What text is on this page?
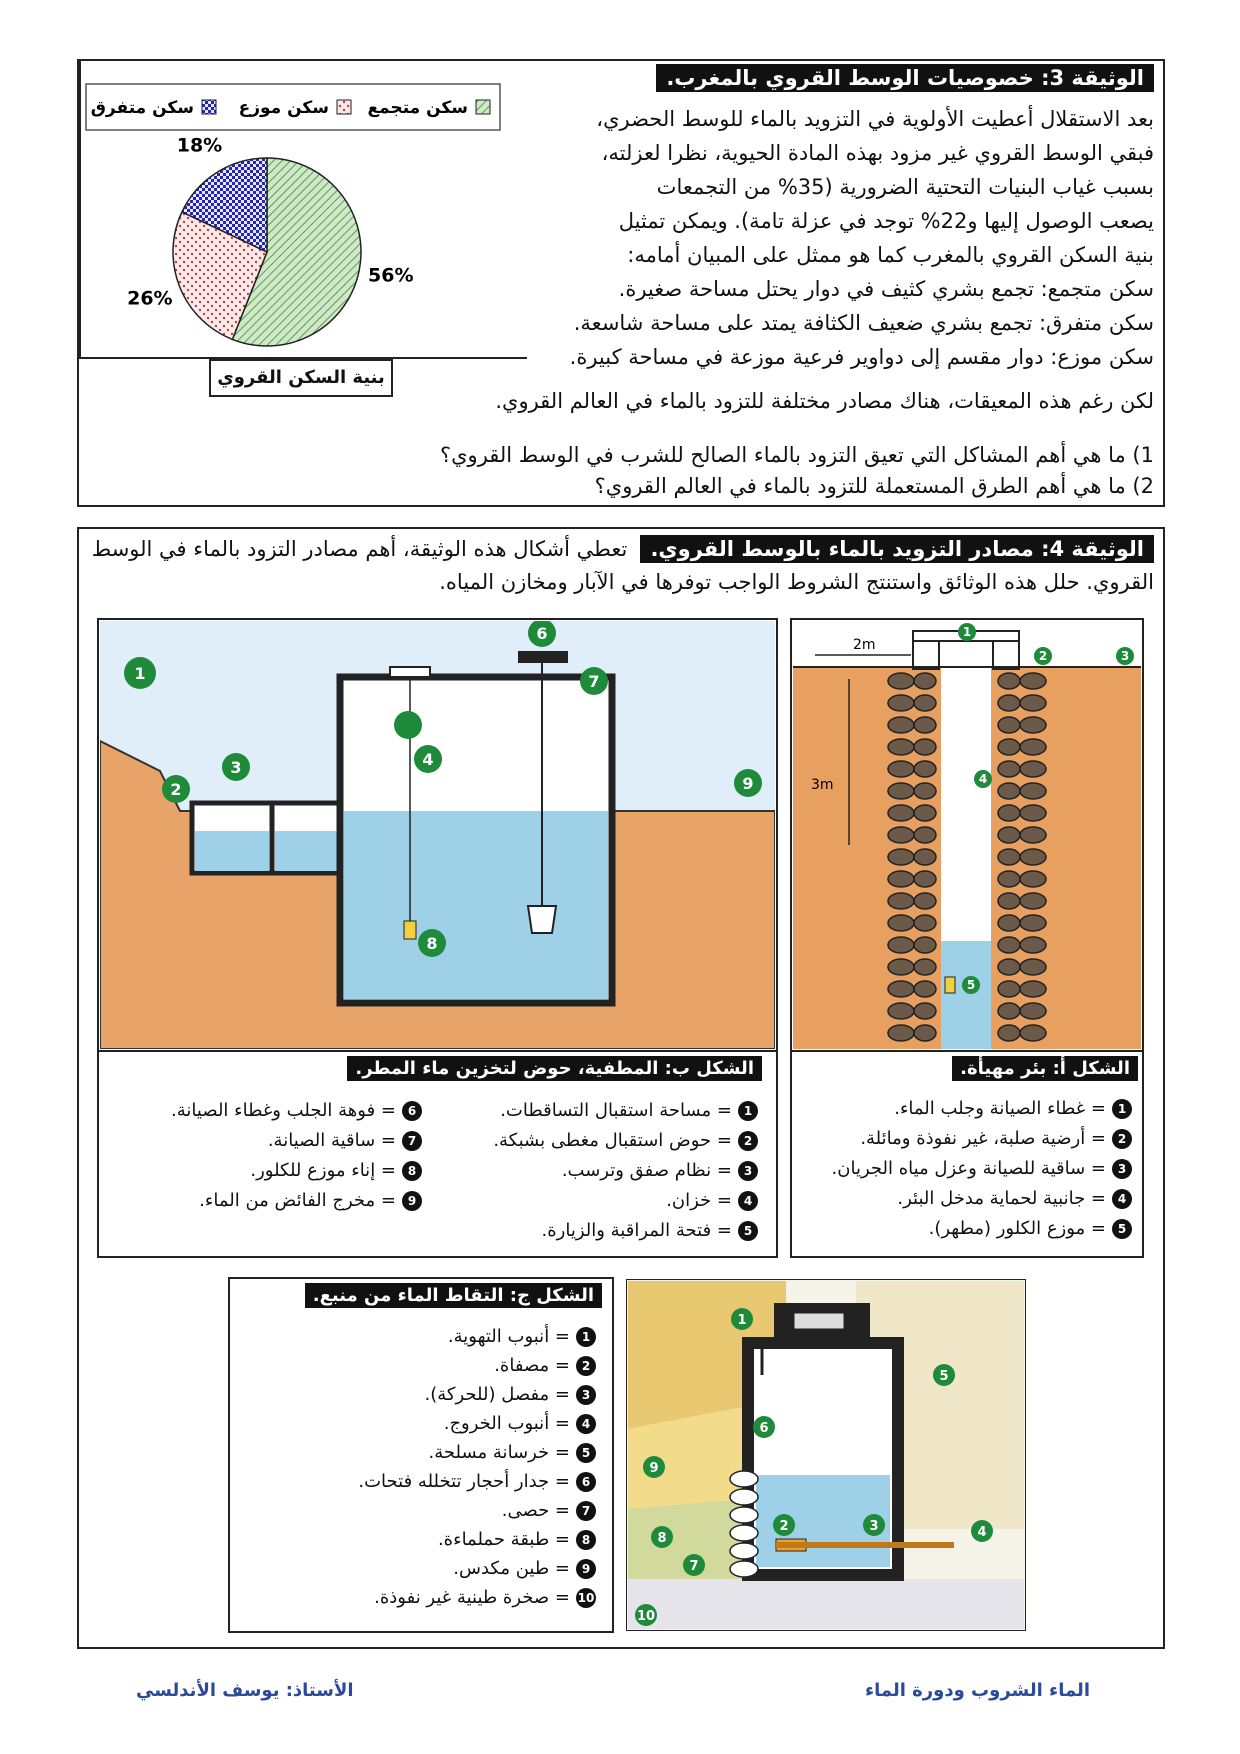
الوثيقة 3: خصوصيات الوسط القروي بالمغرب.

بعد الاستقلال أعطيت الأولوية في التزويد بالماء للوسط الحضري،

فبقي الوسط القروي غير مزود بهذه المادة الحيوية، نظرا لعزلته،

بسبب غياب البنيات التحتية الضرورية (35% من التجمعات

يصعب الوصول إليها و22% توجد في عزلة تامة). ويمكن تمثيل

بنية السكن القروي بالمغرب كما هو ممثل على المبيان أمامه:

سكن متجمع: تجمع بشري كثيف في دوار يحتل مساحة صغيرة.

سكن متفرق: تجمع بشري ضعيف الكثافة يمتد على مساحة شاسعة.

سكن موزع: دوار مقسم إلى دواوير فرعية موزعة في مساحة كبيرة.

لكن رغم هذه المعيقات، هناك مصادر مختلفة للتزود بالماء في العالم القروي.

1) ما هي أهم المشاكل التي تعيق التزود بالماء الصالح للشرب في الوسط القروي؟

2) ما هي أهم الطرق المستعملة للتزود بالماء في العالم القروي؟

سكن متجمع
سكن موزع
سكن متفرق
56%
26%
18%
بنية السكن القروي
الوثيقة 4: مصادر التزويد بالماء بالوسط القروي. تعطي أشكال هذه الوثيقة، أهم مصادر التزود بالماء في الوسط

القروي. حلل هذه الوثائق واستنتج الشروط الواجب توفرها في الآبار ومخازن المياه.

2m
3m
1
2	3
4
5
الشكل أ: بئر مهيأة.

1= غطاء الصيانة وجلب الماء.

2= أرضية صلبة، غير نفوذة ومائلة.

3= ساقية للصيانة وعزل مياه الجريان.

4= جانبية لحماية مدخل البئر.

5= موزع الكلور (مطهر).

1
2
3	4
6
7
8
9
الشكل ب: المطفية، حوض لتخزين ماء المطر.

1= مساحة استقبال التساقطات.

2= حوض استقبال مغطى بشبكة.

3= نظام صفق وترسب.

4= خزان.

5= فتحة المراقبة والزيارة.

6= فوهة الجلب وغطاء الصيانة.

7= ساقية الصيانة.

8= إناء موزع للكلور.

9= مخرج الفائض من الماء.

الشكل ج: التقاط الماء من منبع.

1= أنبوب التهوية.

2= مصفاة.

3= مفصل (للحركة).

4= أنبوب الخروج.

5= خرسانة مسلحة.

6= جدار أحجار تتخلله فتحات.

7= حصى.

8= طبقة حملماءة.

9= طين مكدس.

10= صخرة طينية غير نفوذة.

1
2	3	4
5
6
7
8
9
10
الماء الشروب ودورة الماء
الأستاذ: يوسف الأندلسي
